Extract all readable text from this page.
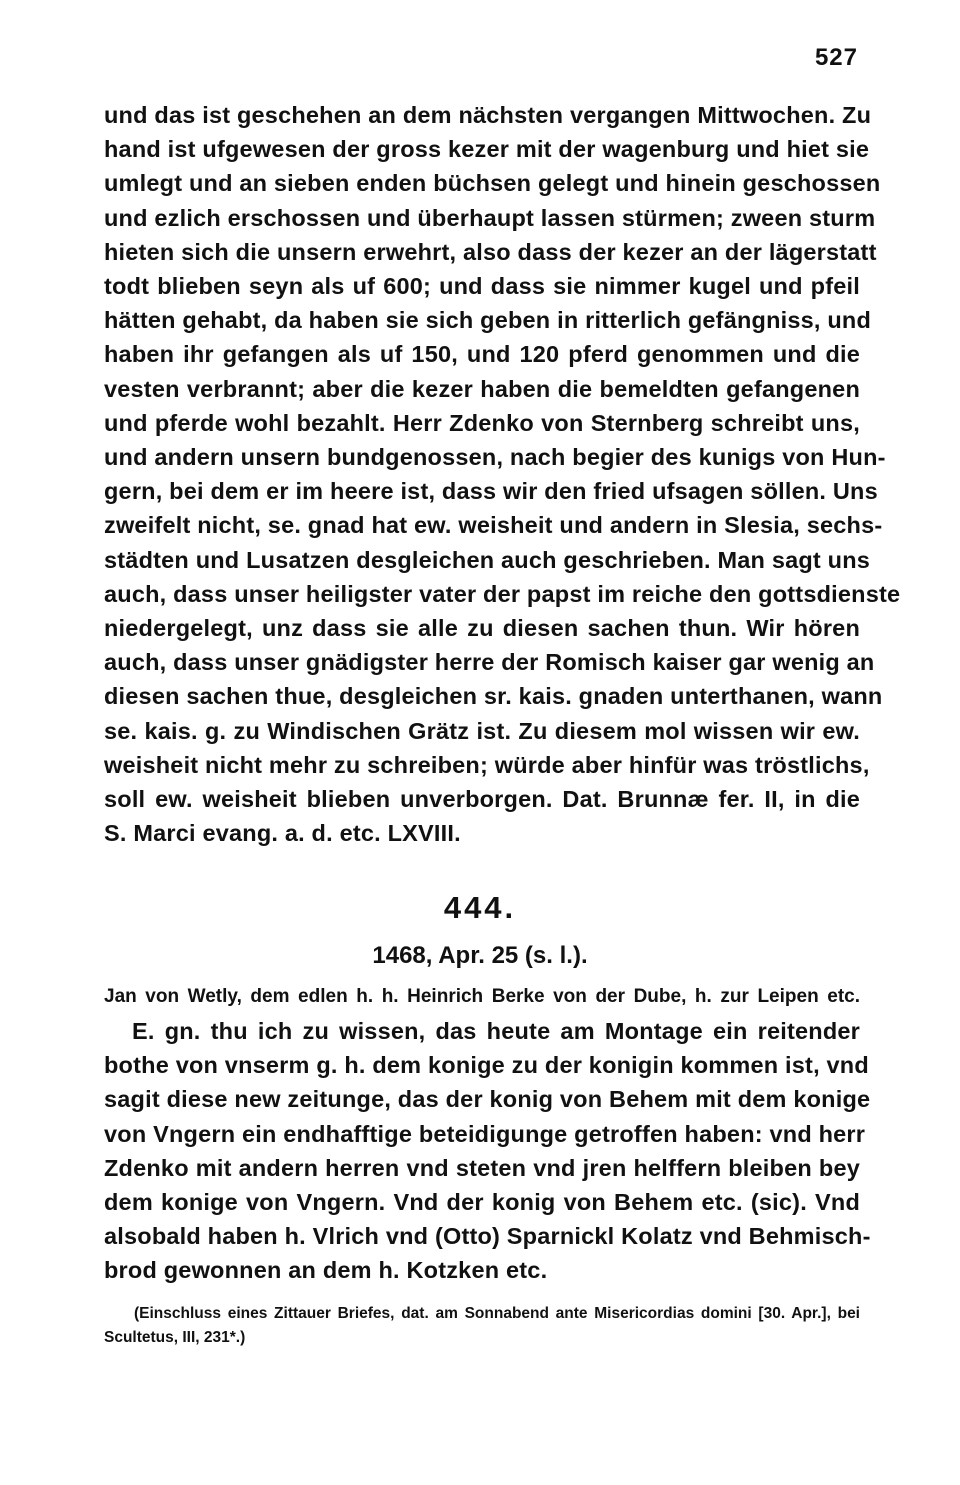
527
und das ist geschehen an dem nächsten vergangen Mittwochen. Zu
hand ist ufgewesen der gross kezer mit der wagenburg und hiet sie
umlegt und an sieben enden büchsen gelegt und hinein geschossen
und ezlich erschossen und überhaupt lassen stürmen; zween sturm
hieten sich die unsern erwehrt, also dass der kezer an der lägerstatt
todt blieben seyn als uf 600; und dass sie nimmer kugel und pfeil
hätten gehabt, da haben sie sich geben in ritterlich gefängniss, und
haben ihr gefangen als uf 150, und 120 pferd genommen und die
vesten verbrannt; aber die kezer haben die bemeldten gefangenen
und pferde wohl bezahlt. Herr Zdenko von Sternberg schreibt uns,
und andern unsern bundgenossen, nach begier des kunigs von Hun-
gern, bei dem er im heere ist, dass wir den fried ufsagen söllen. Uns
zweifelt nicht, se. gnad hat ew. weisheit und andern in Slesia, sechs-
städten und Lusatzen desgleichen auch geschrieben. Man sagt uns
auch, dass unser heiligster vater der papst im reiche den gottsdienste
niedergelegt, unz dass sie alle zu diesen sachen thun. Wir hören
auch, dass unser gnädigster herre der Romisch kaiser gar wenig an
diesen sachen thue, desgleichen sr. kais. gnaden unterthanen, wann
se. kais. g. zu Windischen Grätz ist. Zu diesem mol wissen wir ew.
weisheit nicht mehr zu schreiben; würde aber hinfür was tröstlichs,
soll ew. weisheit blieben unverborgen. Dat. Brunnæ fer. II, in die
S. Marci evang. a. d. etc. LXVIII.
444.
1468, Apr. 25 (s. l.).
Jan von Wetly, dem edlen h. h. Heinrich Berke von der Dube, h. zur Leipen etc.
E. gn. thu ich zu wissen, das heute am Montage ein reitender
bothe von vnserm g. h. dem konige zu der konigin kommen ist, vnd
sagit diese new zeitunge, das der konig von Behem mit dem konige
von Vngern ein endhafftige beteidigunge getroffen haben: vnd herr
Zdenko mit andern herren vnd steten vnd jren helffern bleiben bey
dem konige von Vngern. Vnd der konig von Behem etc. (sic). Vnd
alsobald haben h. Vlrich vnd (Otto) Sparnickl Kolatz vnd Behmisch-
brod gewonnen an dem h. Kotzken etc.
(Einschluss eines Zittauer Briefes, dat. am Sonnabend ante Misericordias domini [30. Apr.], bei
Scultetus, III, 231*.)
